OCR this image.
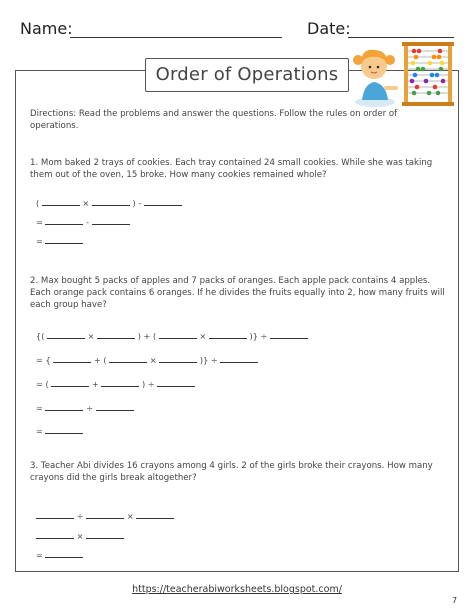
Name:	Date:
Order of Operations
Directions: Read the problems and answer the questions. Follow the rules on order of operations.
1. Mom baked 2 trays of cookies. Each tray contained 24 small cookies. While she was taking them out of the oven, 15 broke. How many cookies remained whole?
(	×	) -
=	-
=
2. Max bought 5 packs of apples and 7 packs of oranges. Each apple pack contains 4 apples. Each orange pack contains 6 oranges. If he divides the fruits equally into 2, how many fruits will each group have?
{(	×	) + (	×	)} ÷
= {	+ (	×	)} ÷
= (	+	) ÷
=	÷
=
3. Teacher Abi divides 16 crayons among 4 girls. 2 of the girls broke their crayons. How many crayons did the girls break altogether?
÷	×
×
=
https://teacherabiworksheets.blogspot.com/
7
